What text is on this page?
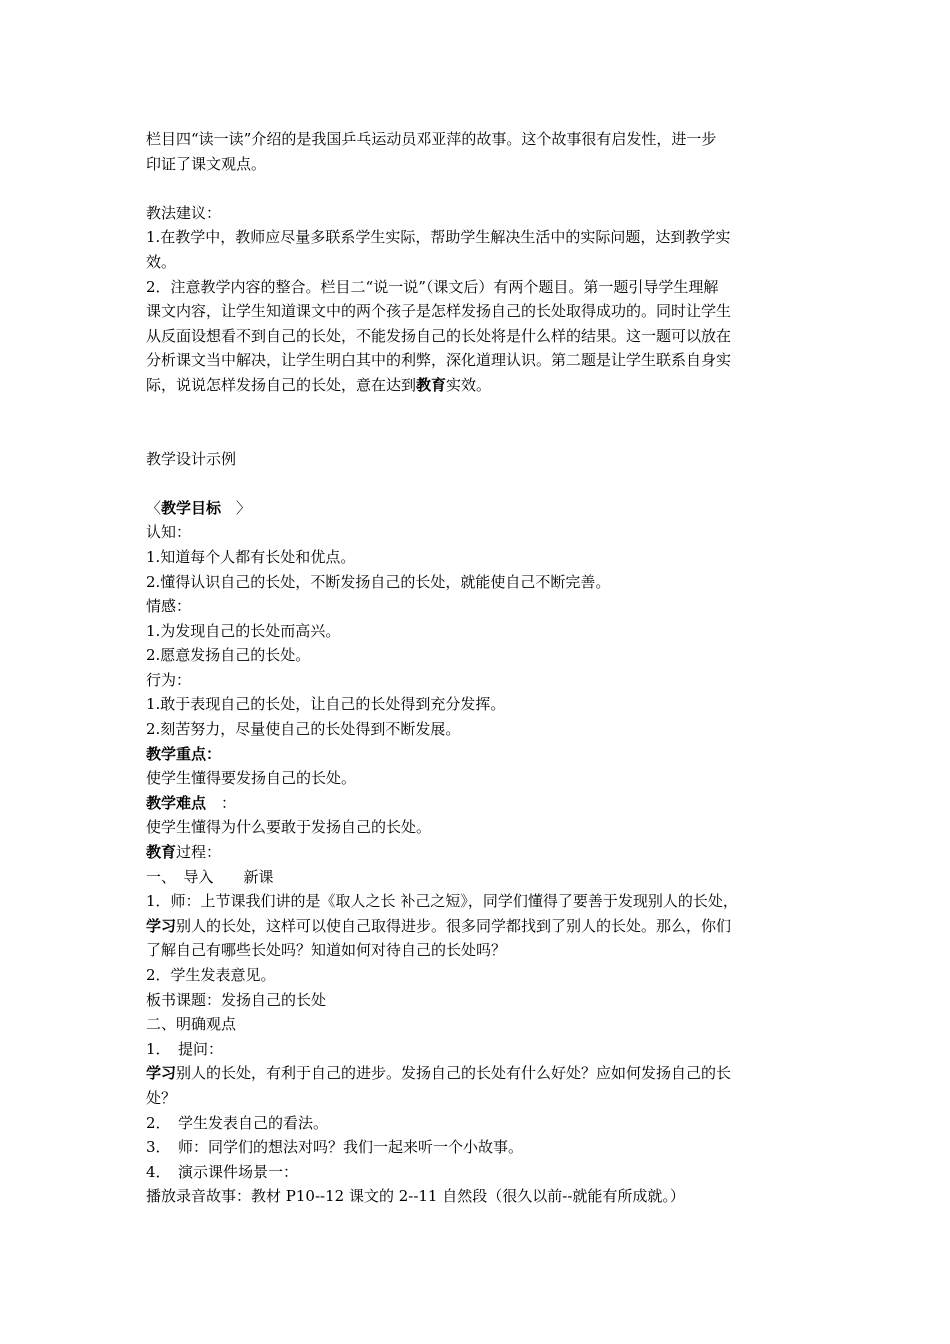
栏目四“读一读”介绍的是我国乒乓运动员邓亚萍的故事。这个故事很有启发性，进一步

印证了课文观点。

教法建议：

1.在教学中，教师应尽量多联系学生实际，帮助学生解决生活中的实际问题，达到教学实

效。

2．注意教学内容的整合。栏目二“说一说”（课文后）有两个题目。第一题引导学生理解

课文内容，让学生知道课文中的两个孩子是怎样发扬自己的长处取得成功的。同时让学生

从反面设想看不到自己的长处，不能发扬自己的长处将是什么样的结果。这一题可以放在

分析课文当中解决，让学生明白其中的利弊，深化道理认识。第二题是让学生联系自身实

际，说说怎样发扬自己的长处，意在达到教育实效。

教学设计示例

〈教学目标　〉

认知：

1.知道每个人都有长处和优点。

2.懂得认识自己的长处，不断发扬自己的长处，就能使自己不断完善。

情感：

1.为发现自己的长处而高兴。

2.愿意发扬自己的长处。

行为：

1.敢于表现自己的长处，让自己的长处得到充分发挥。

2.刻苦努力，尽量使自己的长处得到不断发展。

教学重点：

使学生懂得要发扬自己的长处。

教学难点　：

使学生懂得为什么要敢于发扬自己的长处。

教育过程：

一、　导入　　新课

1．师：上节课我们讲的是《取人之长 补己之短》，同学们懂得了要善于发现别人的长处，

学习别人的长处，这样可以使自己取得进步。很多同学都找到了别人的长处。那么，你们

了解自己有哪些长处吗？知道如何对待自己的长处吗？

2．学生发表意见。

板书课题：发扬自己的长处

二、明确观点

1．　提问：

学习别人的长处，有利于自己的进步。发扬自己的长处有什么好处？应如何发扬自己的长

处？

2．　学生发表自己的看法。

3．　师：同学们的想法对吗？我们一起来听一个小故事。

4．　演示课件场景一：

播放录音故事：教材 P10--12 课文的 2--11 自然段（很久以前--就能有所成就。）
